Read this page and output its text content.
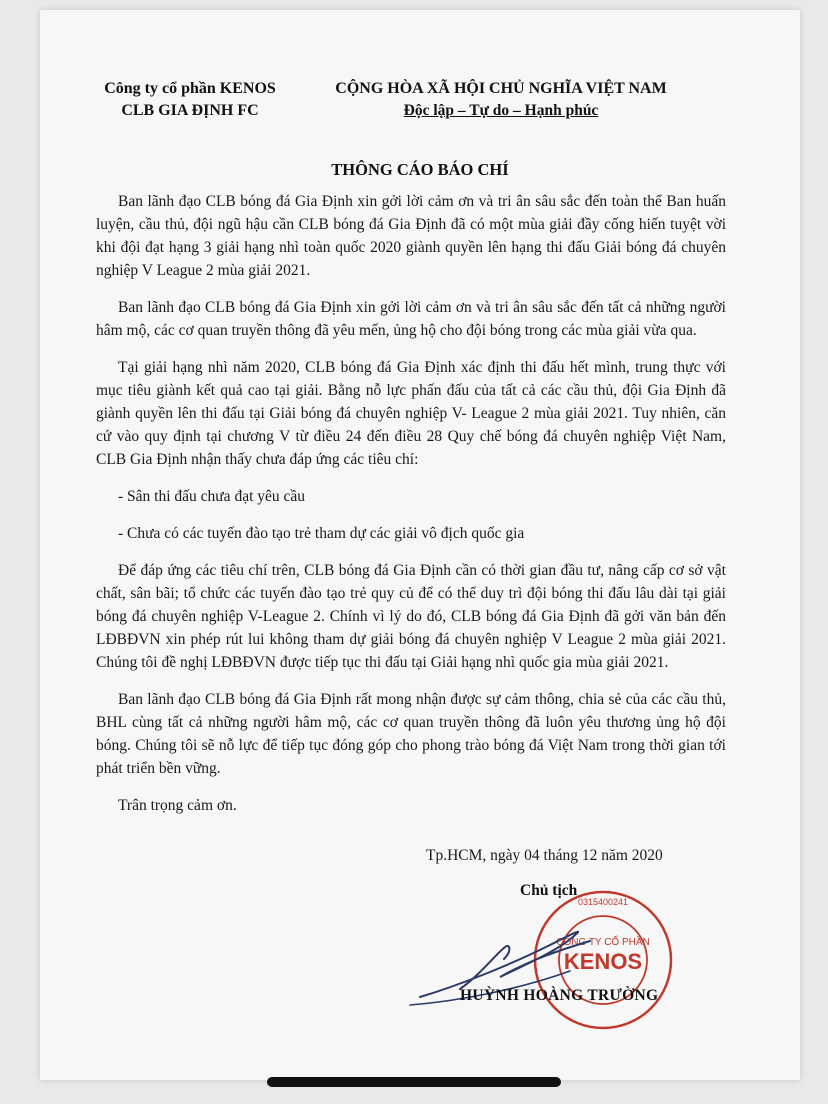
Công ty cổ phần KENOS
CLB GIA ĐỊNH FC
CỘNG HÒA XÃ HỘI CHỦ NGHĨA VIỆT NAM
Độc lập – Tự do – Hạnh phúc
THÔNG CÁO BÁO CHÍ

Ban lãnh đạo CLB bóng đá Gia Định xin gởi lời cảm ơn và tri ân sâu sắc đến toàn thể Ban huấn luyện, cầu thủ, đội ngũ hậu cần CLB bóng đá Gia Định đã có một mùa giải đầy cống hiến tuyệt vời khi đội đạt hạng 3 giải hạng nhì toàn quốc 2020 giành quyền lên hạng thi đấu Giải bóng đá chuyên nghiệp V League 2 mùa giải 2021.

Ban lãnh đạo CLB bóng đá Gia Định xin gởi lời cảm ơn và tri ân sâu sắc đến tất cả những người hâm mộ, các cơ quan truyền thông đã yêu mến, ủng hộ cho đội bóng trong các mùa giải vừa qua.

Tại giải hạng nhì năm 2020, CLB bóng đá Gia Định xác định thi đấu hết mình, trung thực với mục tiêu giành kết quả cao tại giải. Bằng nỗ lực phấn đấu của tất cả các cầu thủ, đội Gia Định đã giành quyền lên thi đấu tại Giải bóng đá chuyên nghiệp V- League 2 mùa giải 2021. Tuy nhiên, căn cứ vào quy định tại chương V từ điều 24 đến điều 28 Quy chế bóng đá chuyên nghiệp Việt Nam, CLB Gia Định nhận thấy chưa đáp ứng các tiêu chí:

- Sân thi đấu chưa đạt yêu cầu

- Chưa có các tuyến đào tạo trẻ tham dự các giải vô địch quốc gia

Để đáp ứng các tiêu chí trên, CLB bóng đá Gia Định cần có thời gian đầu tư, nâng cấp cơ sở vật chất, sân bãi; tổ chức các tuyến đào tạo trẻ quy củ để có thể duy trì đội bóng thi đấu lâu dài tại giải bóng đá chuyên nghiệp V-League 2. Chính vì lý do đó, CLB bóng đá Gia Định đã gởi văn bản đến LĐBĐVN xin phép rút lui không tham dự giải bóng đá chuyên nghiệp V League 2 mùa giải 2021. Chúng tôi đề nghị LĐBĐVN được tiếp tục thi đấu tại Giải hạng nhì quốc gia mùa giải 2021.

Ban lãnh đạo CLB bóng đá Gia Định rất mong nhận được sự cảm thông, chia sẻ của các cầu thủ, BHL cùng tất cả những người hâm mộ, các cơ quan truyền thông đã luôn yêu thương ủng hộ đội bóng. Chúng tôi sẽ nỗ lực để tiếp tục đóng góp cho phong trào bóng đá Việt Nam trong thời gian tới phát triển bền vững.

Trân trọng cảm ơn.

Tp.HCM, ngày 04 tháng 12 năm 2020
Chủ tịch
KENOS
CÔNG TY CỔ PHẦN
0315400241
HUỲNH HOÀNG TRƯỜNG
